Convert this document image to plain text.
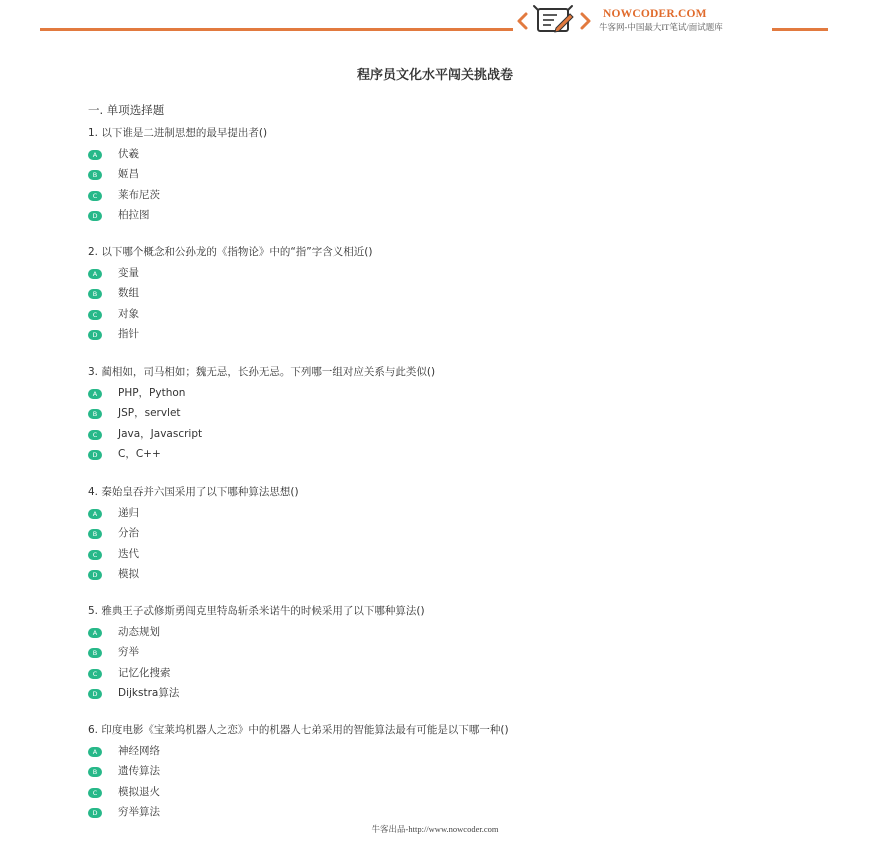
NOWCODER.COM
牛客网-中国最大IT笔试/面试题库
程序员文化水平闯关挑战卷
一. 单项选择题
1. 以下谁是二进制思想的最早提出者()
A	伏羲
B	姬昌
C	莱布尼茨
D	柏拉图
2. 以下哪个概念和公孙龙的《指物论》中的“指”字含义相近()
A	变量
B	数组
C	对象
D	指针
3. 蔺相如，司马相如；魏无忌，长孙无忌。下列哪一组对应关系与此类似()
A	PHP，Python
B	JSP，servlet
C	Java，Javascript
D	C，C++
4. 秦始皇吞并六国采用了以下哪种算法思想()
A	递归
B	分治
C	迭代
D	模拟
5. 雅典王子忒修斯勇闯克里特岛斩杀米诺牛的时候采用了以下哪种算法()
A	动态规划
B	穷举
C	记忆化搜索
D	Dijkstra算法
6. 印度电影《宝莱坞机器人之恋》中的机器人七弟采用的智能算法最有可能是以下哪一种()
A	神经网络
B	遗传算法
C	模拟退火
D	穷举算法
牛客出品-http://www.nowcoder.com
